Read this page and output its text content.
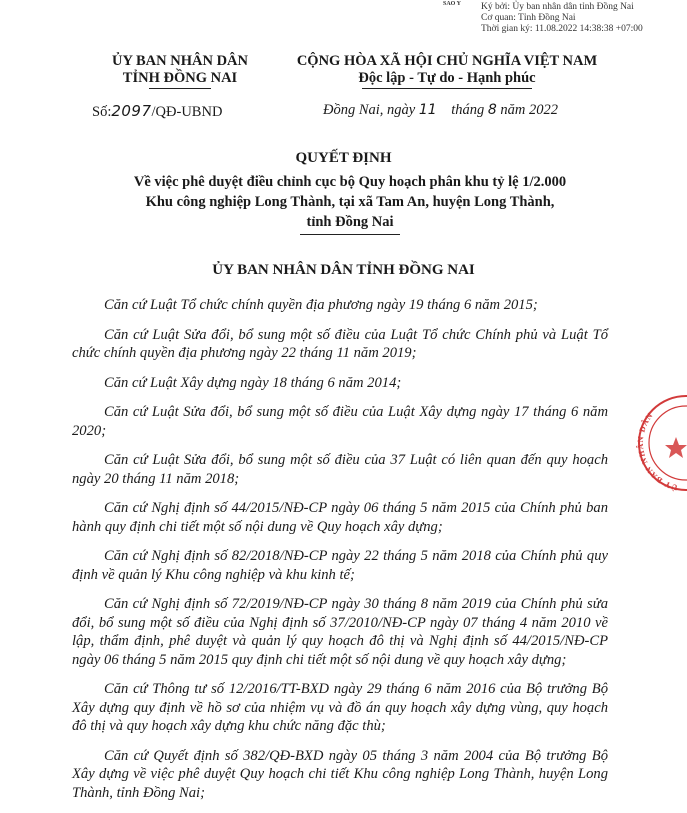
SAO Y Ký bởi: Ủy ban nhân dân tỉnh Đồng Nai
Cơ quan: Tỉnh Đồng Nai
Thời gian ký: 11.08.2022 14:38:38 +07:00
ỦY BAN NHÂN DÂN
TỈNH ĐỒNG NAI
Số:2097/QĐ-UBND
CỘNG HÒA XÃ HỘI CHỦ NGHĨA VIỆT NAM
Độc lập - Tự do - Hạnh phúc
Đồng Nai, ngày 11 tháng 8 năm 2022
QUYẾT ĐỊNH
Về việc phê duyệt điều chỉnh cục bộ Quy hoạch phân khu tỷ lệ 1/2.000
Khu công nghiệp Long Thành, tại xã Tam An, huyện Long Thành,
tỉnh Đồng Nai
ỦY BAN NHÂN DÂN TỈNH ĐỒNG NAI

Căn cứ Luật Tổ chức chính quyền địa phương ngày 19 tháng 6 năm 2015;

Căn cứ Luật Sửa đổi, bổ sung một số điều của Luật Tổ chức Chính phủ và Luật Tổ chức chính quyền địa phương ngày 22 tháng 11 năm 2019;

Căn cứ Luật Xây dựng ngày 18 tháng 6 năm 2014;

Căn cứ Luật Sửa đổi, bổ sung một số điều của Luật Xây dựng ngày 17 tháng 6 năm 2020;

Căn cứ Luật Sửa đổi, bổ sung một số điều của 37 Luật có liên quan đến quy hoạch ngày 20 tháng 11 năm 2018;

Căn cứ Nghị định số 44/2015/NĐ-CP ngày 06 tháng 5 năm 2015 của Chính phủ ban hành quy định chi tiết một số nội dung về Quy hoạch xây dựng;

Căn cứ Nghị định số 82/2018/NĐ-CP ngày 22 tháng 5 năm 2018 của Chính phủ quy định về quản lý Khu công nghiệp và khu kinh tế;

Căn cứ Nghị định số 72/2019/NĐ-CP ngày 30 tháng 8 năm 2019 của Chính phủ sửa đổi, bổ sung một số điều của Nghị định số 37/2010/NĐ-CP ngày 07 tháng 4 năm 2010 về lập, thẩm định, phê duyệt và quản lý quy hoạch đô thị và Nghị định số 44/2015/NĐ-CP ngày 06 tháng 5 năm 2015 quy định chi tiết một số nội dung về quy hoạch xây dựng;

Căn cứ Thông tư số 12/2016/TT-BXD ngày 29 tháng 6 năm 2016 của Bộ trưởng Bộ Xây dựng quy định về hồ sơ của nhiệm vụ và đồ án quy hoạch xây dựng vùng, quy hoạch đô thị và quy hoạch xây dựng khu chức năng đặc thù;

Căn cứ Quyết định số 382/QĐ-BXD ngày 05 tháng 3 năm 2004 của Bộ trưởng Bộ Xây dựng về việc phê duyệt Quy hoạch chi tiết Khu công nghiệp Long Thành, huyện Long Thành, tỉnh Đồng Nai;

ỦY BAN NHÂN DÂN
